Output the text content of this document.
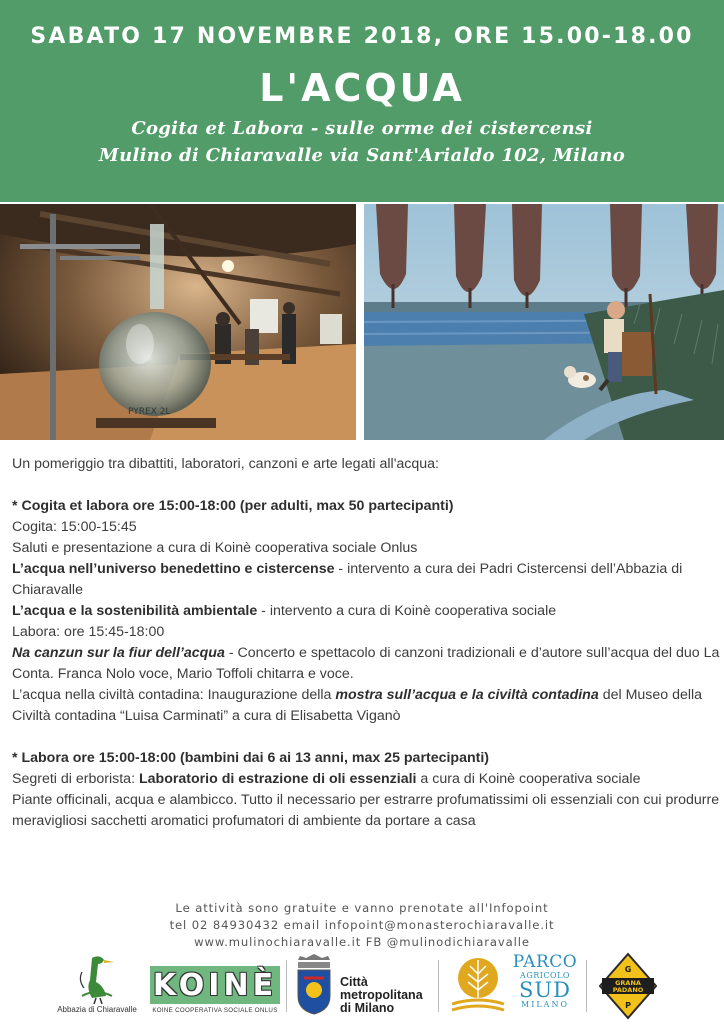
SABATO 17 NOVEMBRE 2018, ORE 15.00-18.00
L'ACQUA
Cogita et Labora - sulle orme dei cistercensi
Mulino di Chiaravalle via Sant'Arialdo 102, Milano
PYREX 2L

Un pomeriggio tra dibattiti, laboratori, canzoni e arte legati all'acqua:

* Cogita et labora ore 15:00-18:00 (per adulti, max 50 partecipanti)

Cogita: 15:00-15:45

Saluti e presentazione a cura di Koinè cooperativa sociale Onlus

L’acqua nell’universo benedettino e cistercense - intervento a cura dei Padri Cistercensi dell’Abbazia di Chiaravalle

L’acqua e la sostenibilità ambientale - intervento a cura di Koinè cooperativa sociale

Labora: ore 15:45-18:00

Na canzun sur la fiur dell’acqua - Concerto e spettacolo di canzoni tradizionali e d’autore sull’acqua del duo La Conta. Franca Nolo voce, Mario Toffoli chitarra e voce.

L’acqua nella civiltà contadina: Inaugurazione della mostra sull’acqua e la civiltà contadina del Museo della Civiltà contadina “Luisa Carminati” a cura di Elisabetta Viganò

* Labora ore 15:00-18:00 (bambini dai 6 ai 13 anni, max 25 partecipanti)

Segreti di erborista: Laboratorio di estrazione di oli essenziali a cura di Koinè cooperativa sociale

Piante officinali, acqua e alambicco. Tutto il necessario per estrarre profumatissimi oli essenziali con cui produrre meravigliosi sacchetti aromatici profumatori di ambiente da portare a casa

Le attività sono gratuite e vanno prenotate all'Infopoint
tel 02 84930432 email infopoint@monasterochiaravalle.it
www.mulinochiaravalle.it FB @mulinodichiaravalle
Abbazia di Chiaravalle
KOINÈ
KOINE COOPERATIVA SOCIALE ONLUS
Città
metropolitana
di Milano
PARCO
AGRICOLO
SUD
MILANO
GRANA
PADANO
G
P
